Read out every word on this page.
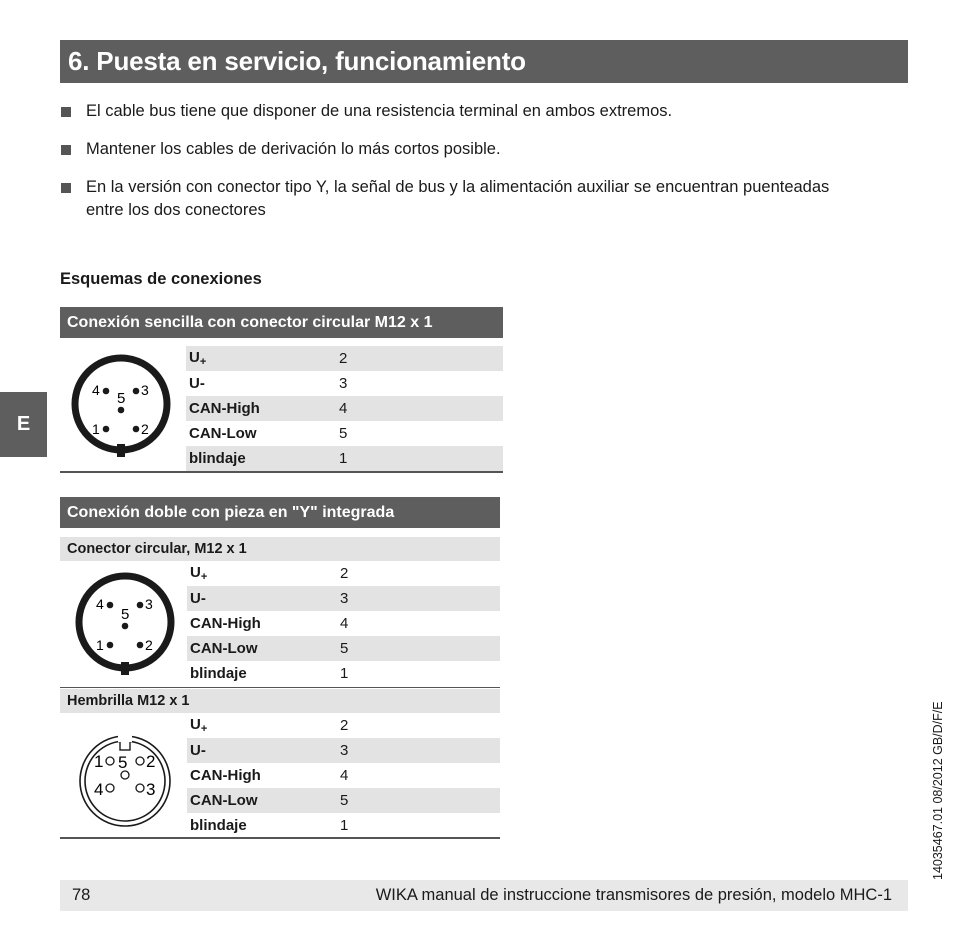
6. Puesta en servicio, funcionamiento
El cable bus tiene que disponer de una resistencia terminal en ambos extremos.
Mantener los cables de derivación lo más cortos posible.
En la versión con conector tipo Y, la señal de bus y la alimentación auxiliar se encuentran puenteadas entre los dos conectores
Esquemas de conexiones
E
Conexión sencilla con conector circular M12 x 1
4	3
5
1	2
$U_+$	2
U-	3
CAN-High	4
CAN-Low	5
blindaje	1
Conexión doble con pieza en "Y" integrada
Conector circular, M12 x 1
4	3
5
1	2
$U_+$	2
U-	3
CAN-High	4
CAN-Low	5
blindaje	1
Hembrilla M12 x 1
1 5 2
4	3
$U_+$	2
U-	3
CAN-High	4
CAN-Low	5
blindaje	1
78	WIKA manual de instruccione transmisores de presión, modelo MHC-1
14035467.01 08/2012 GB/D/F/E
